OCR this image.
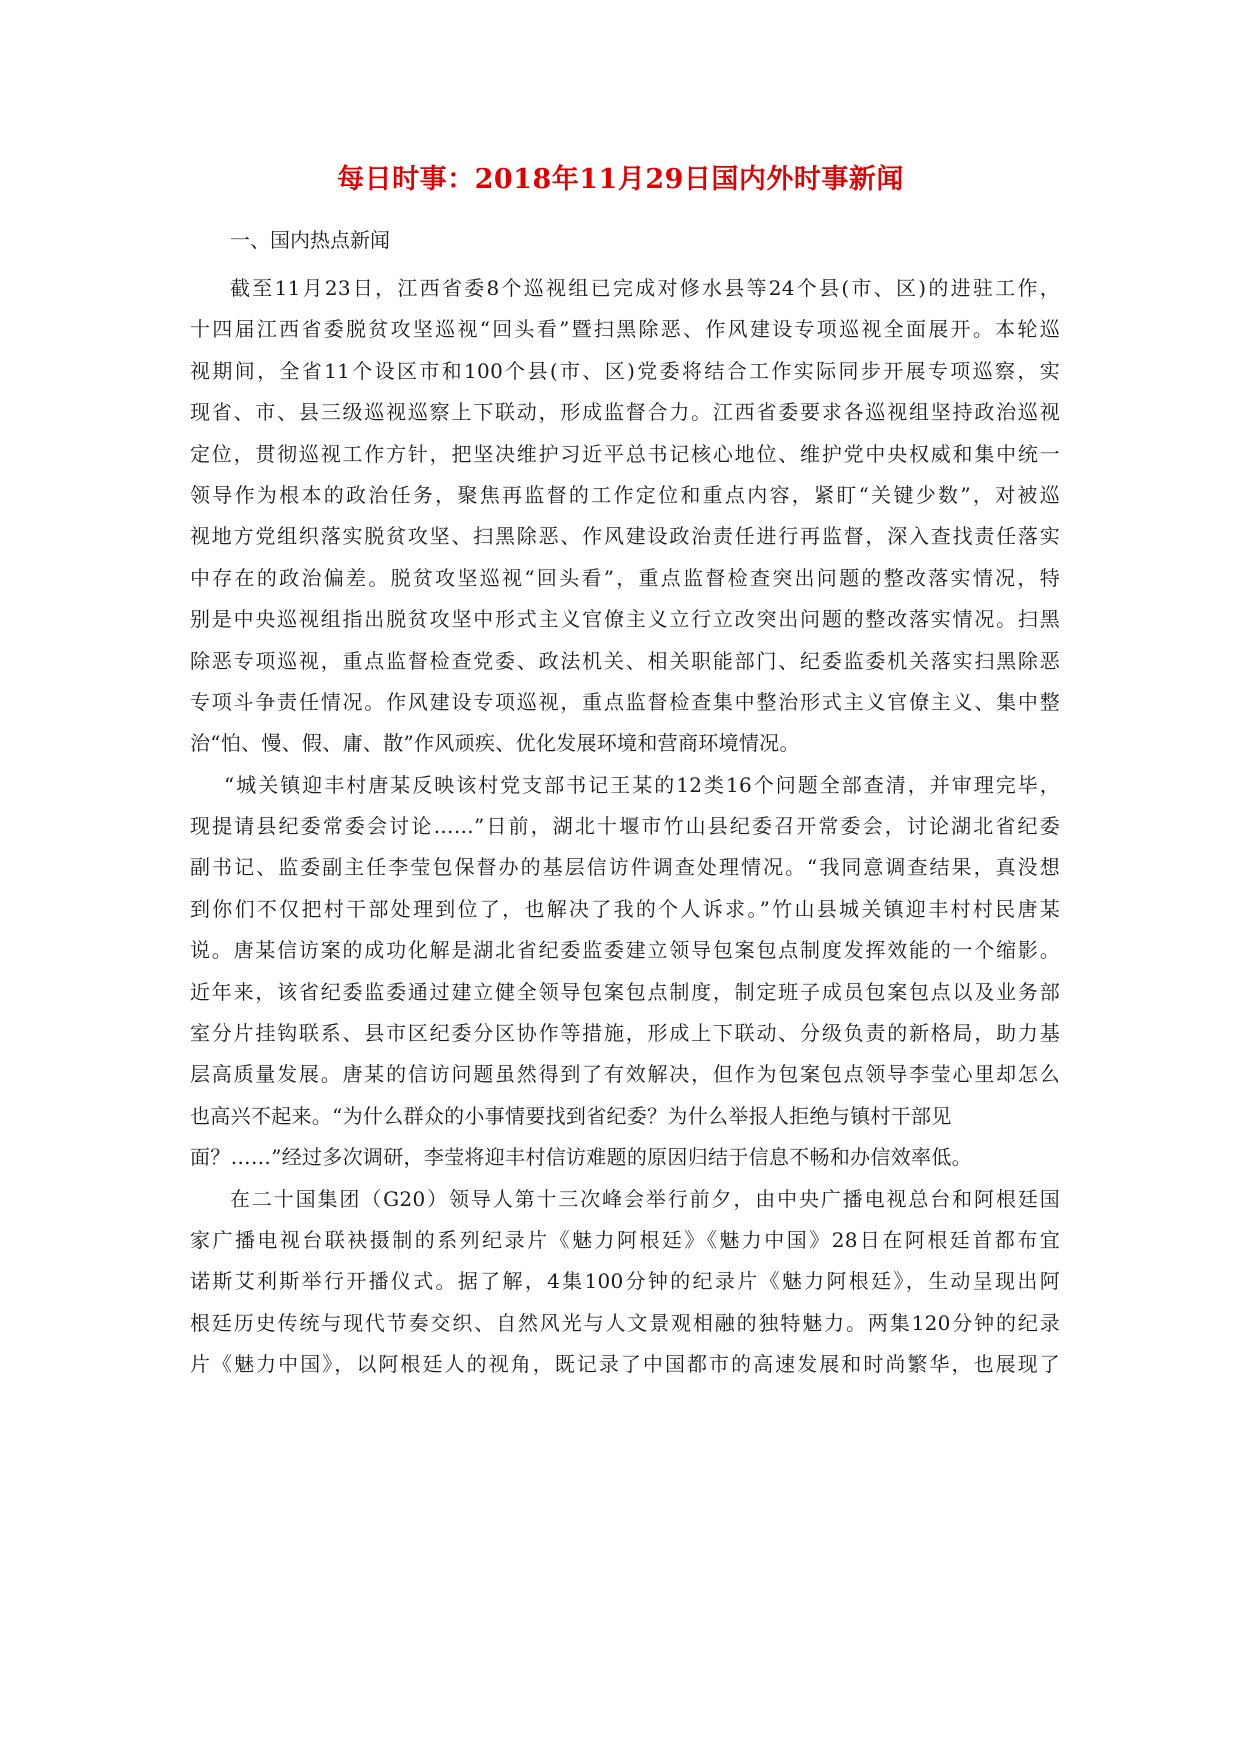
每日时事：2018年11月29日国内外时事新闻
一、国内热点新闻
截至11月23日，江西省委8个巡视组已完成对修水县等24个县(市、区)的进驻工作，
十四届江西省委脱贫攻坚巡视“回头看”暨扫黑除恶、作风建设专项巡视全面展开。本轮巡
视期间，全省11个设区市和100个县(市、区)党委将结合工作实际同步开展专项巡察，实
现省、市、县三级巡视巡察上下联动，形成监督合力。江西省委要求各巡视组坚持政治巡视
定位，贯彻巡视工作方针，把坚决维护习近平总书记核心地位、维护党中央权威和集中统一
领导作为根本的政治任务，聚焦再监督的工作定位和重点内容，紧盯“关键少数”，对被巡
视地方党组织落实脱贫攻坚、扫黑除恶、作风建设政治责任进行再监督，深入查找责任落实
中存在的政治偏差。脱贫攻坚巡视“回头看”，重点监督检查突出问题的整改落实情况，特
别是中央巡视组指出脱贫攻坚中形式主义官僚主义立行立改突出问题的整改落实情况。扫黑
除恶专项巡视，重点监督检查党委、政法机关、相关职能部门、纪委监委机关落实扫黑除恶
专项斗争责任情况。作风建设专项巡视，重点监督检查集中整治形式主义官僚主义、集中整
治“怕、慢、假、庸、散”作风顽疾、优化发展环境和营商环境情况。
“城关镇迎丰村唐某反映该村党支部书记王某的12类16个问题全部查清，并审理完毕，
现提请县纪委常委会讨论……”日前，湖北十堰市竹山县纪委召开常委会，讨论湖北省纪委
副书记、监委副主任李莹包保督办的基层信访件调查处理情况。“我同意调查结果，真没想
到你们不仅把村干部处理到位了，也解决了我的个人诉求。”竹山县城关镇迎丰村村民唐某
说。唐某信访案的成功化解是湖北省纪委监委建立领导包案包点制度发挥效能的一个缩影。
近年来，该省纪委监委通过建立健全领导包案包点制度，制定班子成员包案包点以及业务部
室分片挂钩联系、县市区纪委分区协作等措施，形成上下联动、分级负责的新格局，助力基
层高质量发展。唐某的信访问题虽然得到了有效解决，但作为包案包点领导李莹心里却怎么
也高兴不起来。“为什么群众的小事情要找到省纪委？为什么举报人拒绝与镇村干部见
面？……”经过多次调研，李莹将迎丰村信访难题的原因归结于信息不畅和办信效率低。
在二十国集团（G20）领导人第十三次峰会举行前夕，由中央广播电视总台和阿根廷国
家广播电视台联袂摄制的系列纪录片《魅力阿根廷》《魅力中国》28日在阿根廷首都布宜
诺斯艾利斯举行开播仪式。据了解，4集100分钟的纪录片《魅力阿根廷》，生动呈现出阿
根廷历史传统与现代节奏交织、自然风光与人文景观相融的独特魅力。两集120分钟的纪录
片《魅力中国》，以阿根廷人的视角，既记录了中国都市的高速发展和时尚繁华，也展现了
